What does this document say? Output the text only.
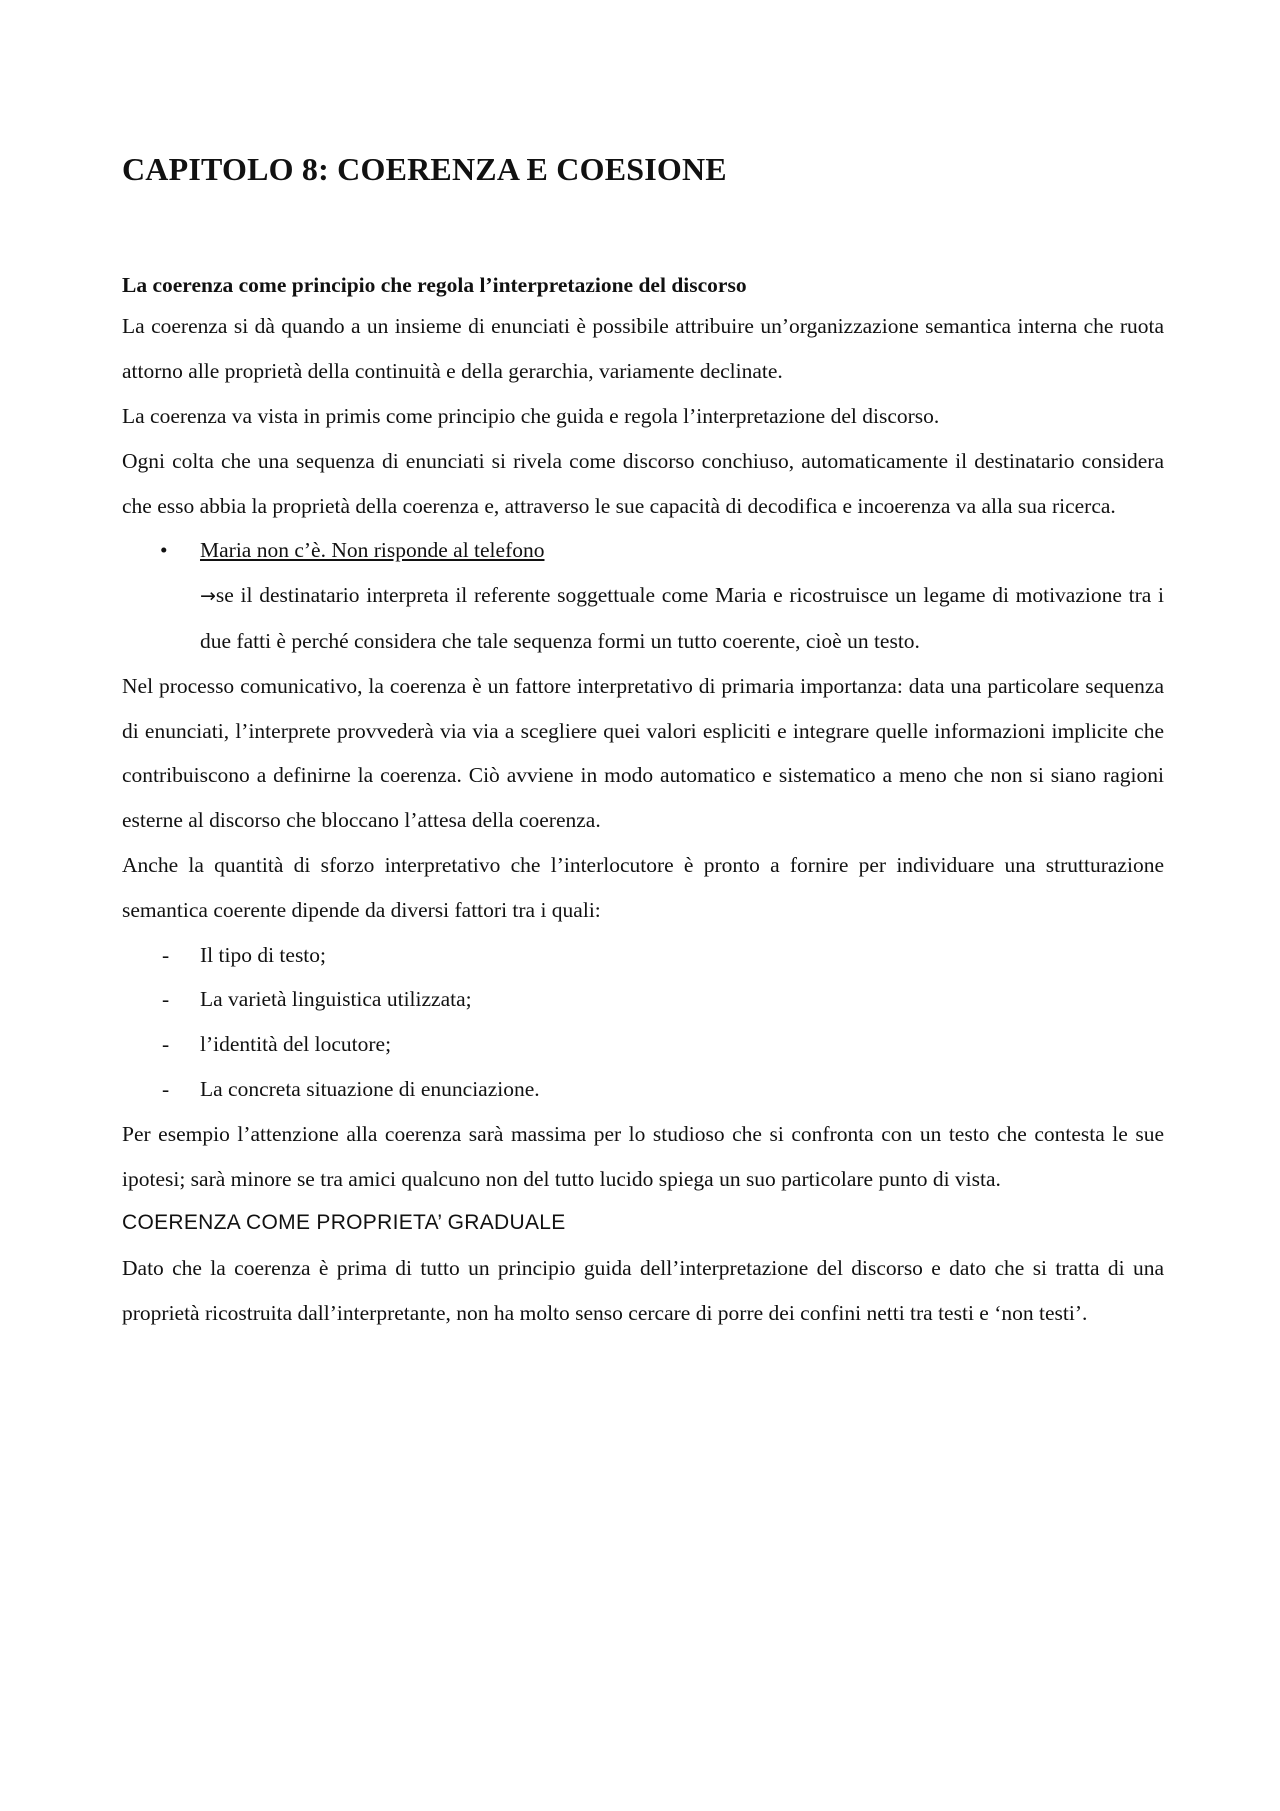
CAPITOLO 8: COERENZA E COESIONE
La coerenza come principio che regola l’interpretazione del discorso

La coerenza si dà quando a un insieme di enunciati è possibile attribuire un’organizzazione semantica interna che ruota attorno alle proprietà della continuità e della gerarchia, variamente declinate.

La coerenza va vista in primis come principio che guida e regola l’interpretazione del discorso.

Ogni colta che una sequenza di enunciati si rivela come discorso conchiuso, automaticamente il destinatario considera che esso abbia la proprietà della coerenza e, attraverso le sue capacità di decodifica e incoerenza va alla sua ricerca.

• Maria non c’è. Non risponde al telefono
→se il destinatario interpreta il referente soggettuale come Maria e ricostruisce un legame di motivazione tra i due fatti è perché considera che tale sequenza formi un tutto coerente, cioè un testo.

Nel processo comunicativo, la coerenza è un fattore interpretativo di primaria importanza: data una particolare sequenza di enunciati, l’interprete provvederà via via a scegliere quei valori espliciti e integrare quelle informazioni implicite che contribuiscono a definirne la coerenza. Ciò avviene in modo automatico e sistematico a meno che non si siano ragioni esterne al discorso che bloccano l’attesa della coerenza.

Anche la quantità di sforzo interpretativo che l’interlocutore è pronto a fornire per individuare una strutturazione semantica coerente dipende da diversi fattori tra i quali:

- Il tipo di testo;
- La varietà linguistica utilizzata;
- l’identità del locutore;
- La concreta situazione di enunciazione.

Per esempio l’attenzione alla coerenza sarà massima per lo studioso che si confronta con un testo che contesta le sue ipotesi; sarà minore se tra amici qualcuno non del tutto lucido spiega un suo particolare punto di vista.

COERENZA COME PROPRIETA’ GRADUALE

Dato che la coerenza è prima di tutto un principio guida dell’interpretazione del discorso e dato che si tratta di una proprietà ricostruita dall’interpretante, non ha molto senso cercare di porre dei confini netti tra testi e ‘non testi’.
